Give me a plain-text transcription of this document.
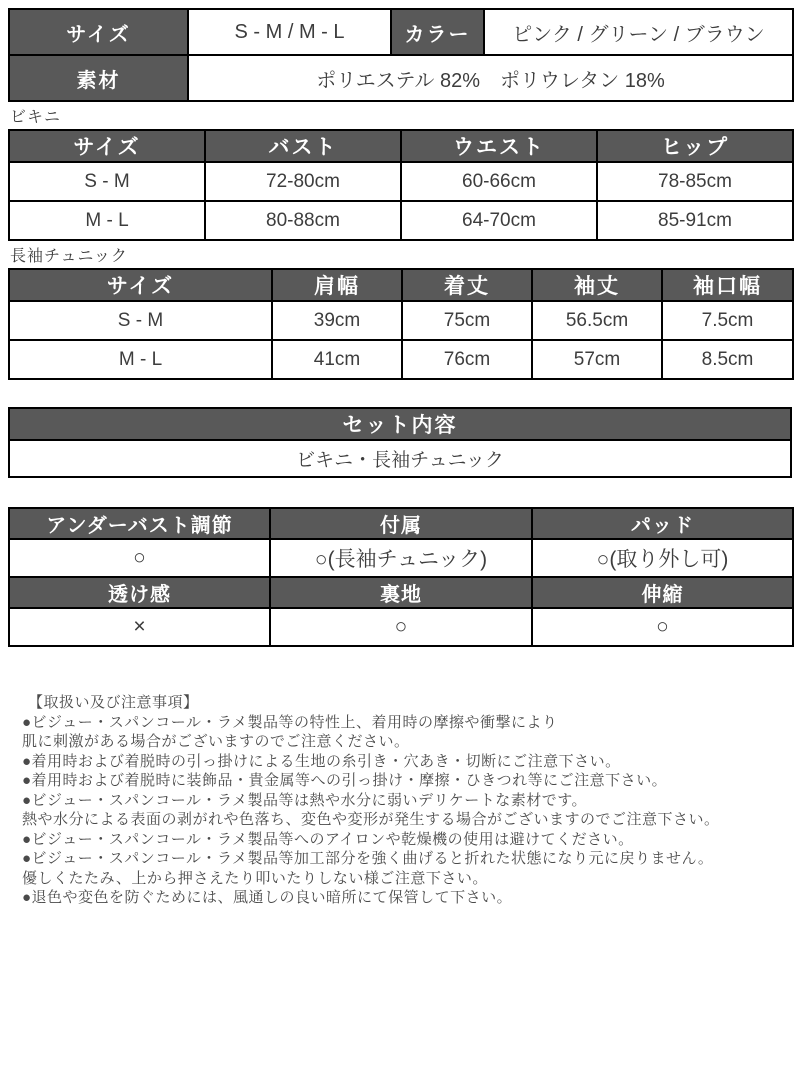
サイズ	S - M / M - L	カラー	ピンク / グリーン / ブラウン
素材	ポリエステル 82%　ポリウレタン 18%		
ビキニ
サイズ	バスト	ウエスト	ヒップ
S - M	72-80cm	60-66cm	78-85cm
M - L	80-88cm	64-70cm	85-91cm
長袖チュニック
サイズ	肩幅	着丈	袖丈	袖口幅
S - M	39cm	75cm	56.5cm	7.5cm
M - L	41cm	76cm	57cm	8.5cm
セット内容
ビキニ・長袖チュニック
アンダーバスト調節	付属	パッド
○	○(長袖チュニック)	○(取り外し可)
透け感	裏地	伸縮
×	○	○
【取扱い及び注意事項】
●ビジュー・スパンコール・ラメ製品等の特性上、着用時の摩擦や衝撃により
肌に刺激がある場合がございますのでご注意ください。
●着用時および着脱時の引っ掛けによる生地の糸引き・穴あき・切断にご注意下さい。
●着用時および着脱時に装飾品・貴金属等への引っ掛け・摩擦・ひきつれ等にご注意下さい。
●ビジュー・スパンコール・ラメ製品等は熱や水分に弱いデリケートな素材です。
熱や水分による表面の剥がれや色落ち、変色や変形が発生する場合がございますのでご注意下さい。
●ビジュー・スパンコール・ラメ製品等へのアイロンや乾燥機の使用は避けてください。
●ビジュー・スパンコール・ラメ製品等加工部分を強く曲げると折れた状態になり元に戻りません。
優しくたたみ、上から押さえたり叩いたりしない様ご注意下さい。
●退色や変色を防ぐためには、風通しの良い暗所にて保管して下さい。
